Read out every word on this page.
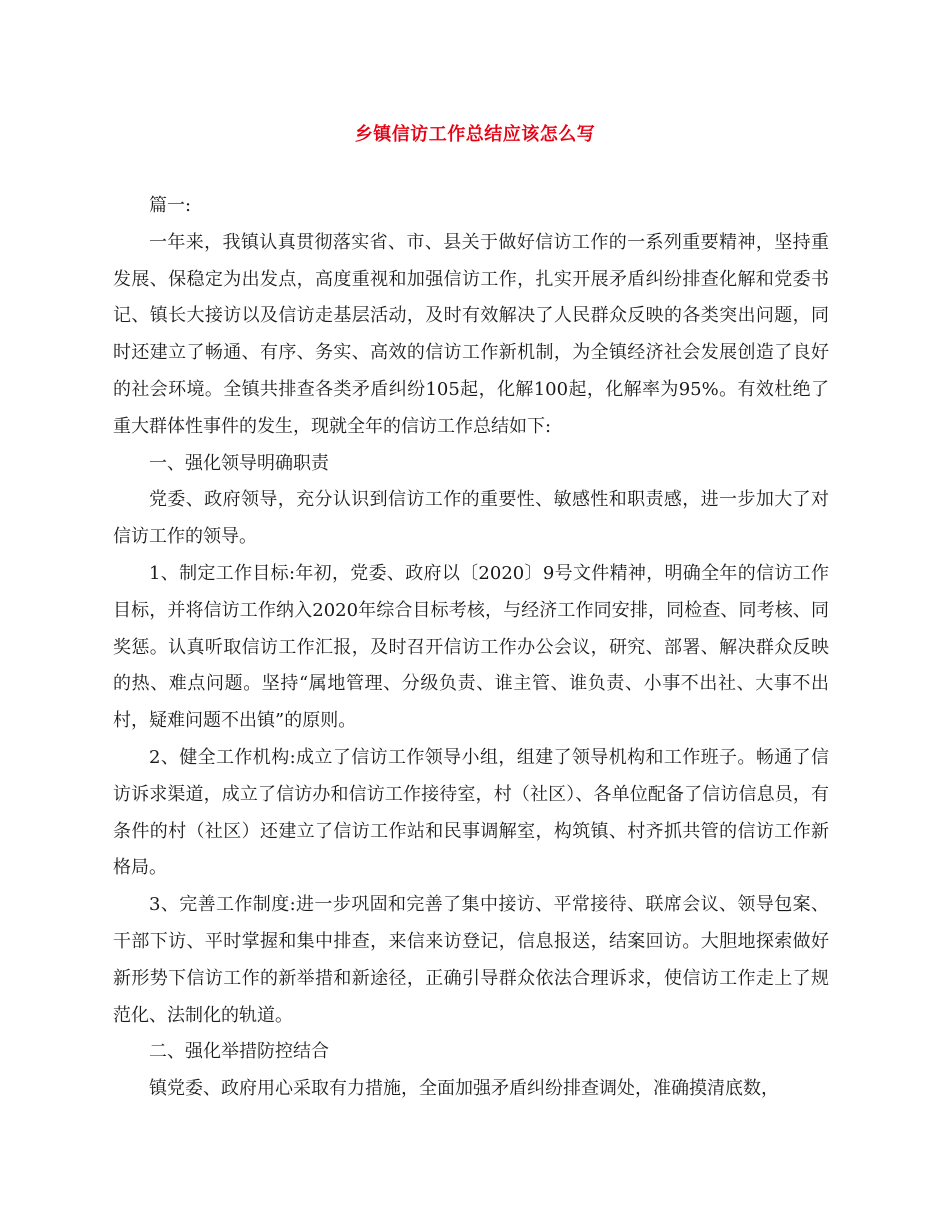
乡镇信访工作总结应该怎么写

篇一:

一年来，我镇认真贯彻落实省、市、县关于做好信访工作的一系列重要精神，坚持重发展、保稳定为出发点，高度重视和加强信访工作，扎实开展矛盾纠纷排查化解和党委书记、镇长大接访以及信访走基层活动，及时有效解决了人民群众反映的各类突出问题，同时还建立了畅通、有序、务实、高效的信访工作新机制，为全镇经济社会发展创造了良好的社会环境。全镇共排查各类矛盾纠纷105起，化解100起，化解率为95%。有效杜绝了重大群体性事件的发生，现就全年的信访工作总结如下:

一、强化领导明确职责

党委、政府领导，充分认识到信访工作的重要性、敏感性和职责感，进一步加大了对信访工作的领导。

1、制定工作目标:年初，党委、政府以〔2020〕9号文件精神，明确全年的信访工作目标，并将信访工作纳入2020年综合目标考核，与经济工作同安排，同检查、同考核、同奖惩。认真听取信访工作汇报，及时召开信访工作办公会议，研究、部署、解决群众反映的热、难点问题。坚持“属地管理、分级负责、谁主管、谁负责、小事不出社、大事不出村，疑难问题不出镇”的原则。

2、健全工作机构:成立了信访工作领导小组，组建了领导机构和工作班子。畅通了信访诉求渠道，成立了信访办和信访工作接待室，村（社区）、各单位配备了信访信息员，有条件的村（社区）还建立了信访工作站和民事调解室，构筑镇、村齐抓共管的信访工作新格局。

3、完善工作制度:进一步巩固和完善了集中接访、平常接待、联席会议、领导包案、干部下访、平时掌握和集中排查，来信来访登记，信息报送，结案回访。大胆地探索做好新形势下信访工作的新举措和新途径，正确引导群众依法合理诉求，使信访工作走上了规范化、法制化的轨道。

二、强化举措防控结合

镇党委、政府用心采取有力措施，全面加强矛盾纠纷排查调处，准确摸清底数，
